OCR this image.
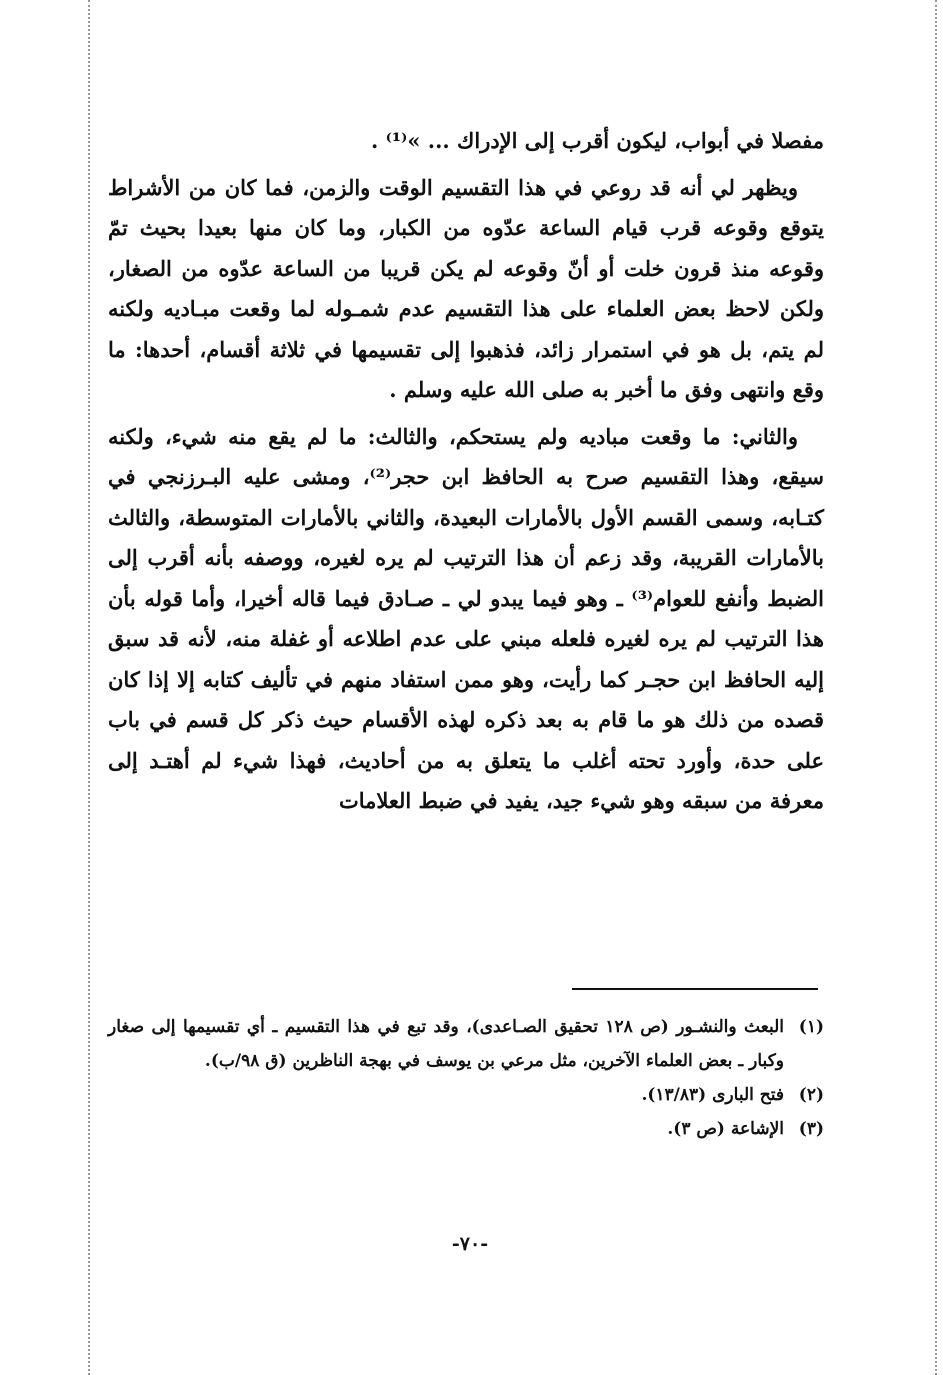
مفصلا في أبواب، ليكون أقرب إلى الإدراك ... »⁽¹⁾ .

ويظهر لي أنه قد روعي في هذا التقسيم الوقت والزمن، فما كان من الأشراط يتوقع وقوعه قرب قيام الساعة عدّوه من الكبار، وما كان منها بعيدا بحيث تمّ وقوعه منذ قرون خلت أو أنّ وقوعه لم يكن قريبا من الساعة عدّوه من الصغار، ولكن لاحظ بعض العلماء على هذا التقسيم عدم شمـوله لما وقعت مبـاديه ولكنه لم يتم، بل هو في استمرار زائد، فذهبوا إلى تقسيمها في ثلاثة أقسام، أحدها: ما وقع وانتهى وفق ما أخبر به صلى الله عليه وسلم .

والثاني: ما وقعت مباديه ولم يستحكم، والثالث: ما لم يقع منه شيء، ولكنه سيقع، وهذا التقسيم صرح به الحافظ ابن حجر⁽²⁾، ومشى عليه البـرزنجي في كتـابه، وسمى القسم الأول بالأمارات البعيدة، والثاني بالأمارات المتوسطة، والثالث بالأمارات القريبة، وقد زعم أن هذا الترتيب لم يره لغيره، ووصفه بأنه أقرب إلى الضبط وأنفع للعوام⁽³⁾ ـ وهو فيما يبدو لي ـ صـادق فيما قاله أخيرا، وأما قوله بأن هذا الترتيب لم يره لغيره فلعله مبني على عدم اطلاعه أو غفلة منه، لأنه قد سبق إليه الحافظ ابن حجـر كما رأيت، وهو ممن استفاد منهم في تأليف كتابه إلا إذا كان قصده من ذلك هو ما قام به بعد ذكره لهذه الأقسام حيث ذكر كل قسم في باب على حدة، وأورد تحته أغلب ما يتعلق به من أحاديث، فهذا شيء لم أهتـد إلى معرفة من سبقه وهو شيء جيد، يفيد في ضبط العلامات

(١)
البعث والنشـور (ص ١٢٨ تحقيق الصـاعدى)، وقد تبع في هذا التقسيم ـ أي تقسيمها إلى صغار وكبار ـ بعض العلماء الآخرين، مثل مرعي بن يوسف في بهجة الناظرين (ق ٩٨/ب).
(٢)
فتح البارى (١٣/٨٣).
(٣)
الإشاعة (ص ٣).
-٧٠-
